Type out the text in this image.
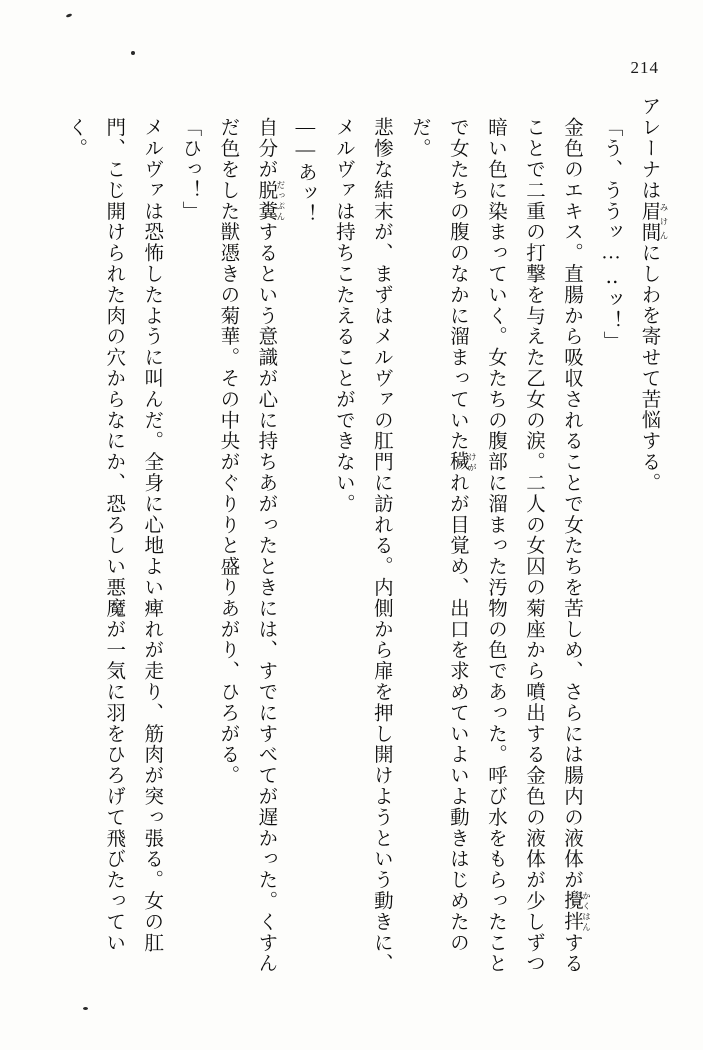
214

アレーナは眉間 みけんにしわを寄せて苦悩する。

「う、ううッ…‥ッ！」

金色のエキス。直腸から吸収されることで女たちを苦しめ、さらには腸内の液体が攪拌 かくはんすることで二重の打撃を与えた乙女の涙。二人の女囚の菊座から噴出する金色の液体が少しずつ暗い色に染まっていく。女たちの腹部に溜まった汚物の色であった。呼び水をもらったことで女たちの腹のなかに溜まっていた穢 けがれが目覚め、出口を求めていよいよ動きはじめたのだ。

悲惨な結末が、まずはメルヴァの肛門に訪れる。内側から扉を押し開けようという動きに、メルヴァは持ちこたえることができない。

――あッ！

自分が脱糞 だっぷんするという意識が心に持ちあがったときには、すでにすべてが遅かった。くすんだ色をした獣憑きの菊華。その中央がぐりりと盛りあがり、ひろがる。

「ひっ！」

メルヴァは恐怖したように叫んだ。全身に心地よい痺れが走り、筋肉が突っ張る。女の肛門、こじ開けられた肉の穴からなにか、恐ろしい悪魔が一気に羽をひろげて飛びたっていく。
